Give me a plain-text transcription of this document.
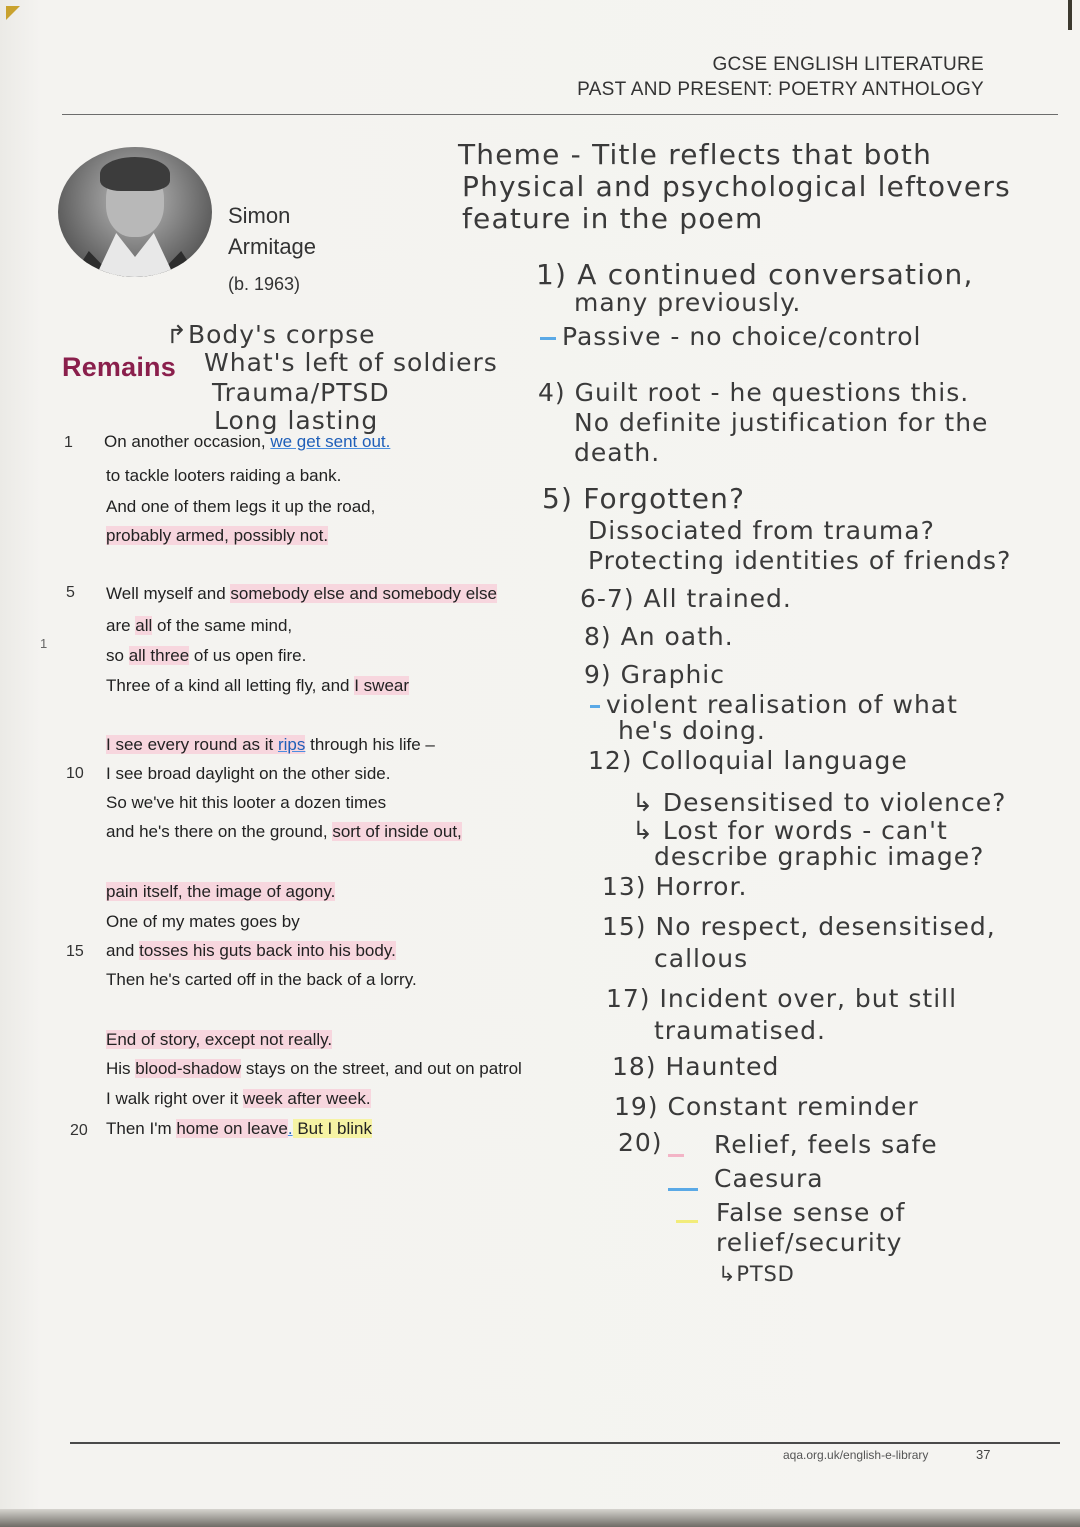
GCSE ENGLISH LITERATURE
PAST AND PRESENT: POETRY ANTHOLOGY
Simon
Armitage
(b. 1963)
Theme - Title reflects that both
Physical and psychological leftovers
feature in the poem
↱Body's corpse
Remains What's left of soldiers
Trauma/PTSD
Long lasting
1) A continued conversation,
many previously.
Passive - no choice/control
4) Guilt root - he questions this.
No definite justification for the
death.
5) Forgotten?
Dissociated from trauma?
Protecting identities of friends?
6-7) All trained.
8) An oath.
9) Graphic
violent realisation of what
he's doing.
12) Colloquial language
↳ Desensitised to violence?
↳ Lost for words - can't
describe graphic image?
13) Horror.
15) No respect, desensitised,
callous
17) Incident over, but still
traumatised.
18) Haunted
19) Constant reminder
20) Relief, feels safe
Caesura
False sense of
relief/security
↳PTSD
1 On another occasion, we get sent out.
to tackle looters raiding a bank.
And one of them legs it up the road,
probably armed, possibly not.
5 Well myself and somebody else and somebody else
are all of the same mind,
so all three of us open fire.
Three of a kind all letting fly, and I swear
I see every round as it rips through his life –
10 I see broad daylight on the other side.
So we've hit this looter a dozen times
and he's there on the ground, sort of inside out,
pain itself, the image of agony.
One of my mates goes by
15 and tosses his guts back into his body.
Then he's carted off in the back of a lorry.
End of story, except not really.
His blood-shadow stays on the street, and out on patrol
I walk right over it week after week.
20 Then I'm home on leave. But I blink
1
aqa.org.uk/english-e-library	37
